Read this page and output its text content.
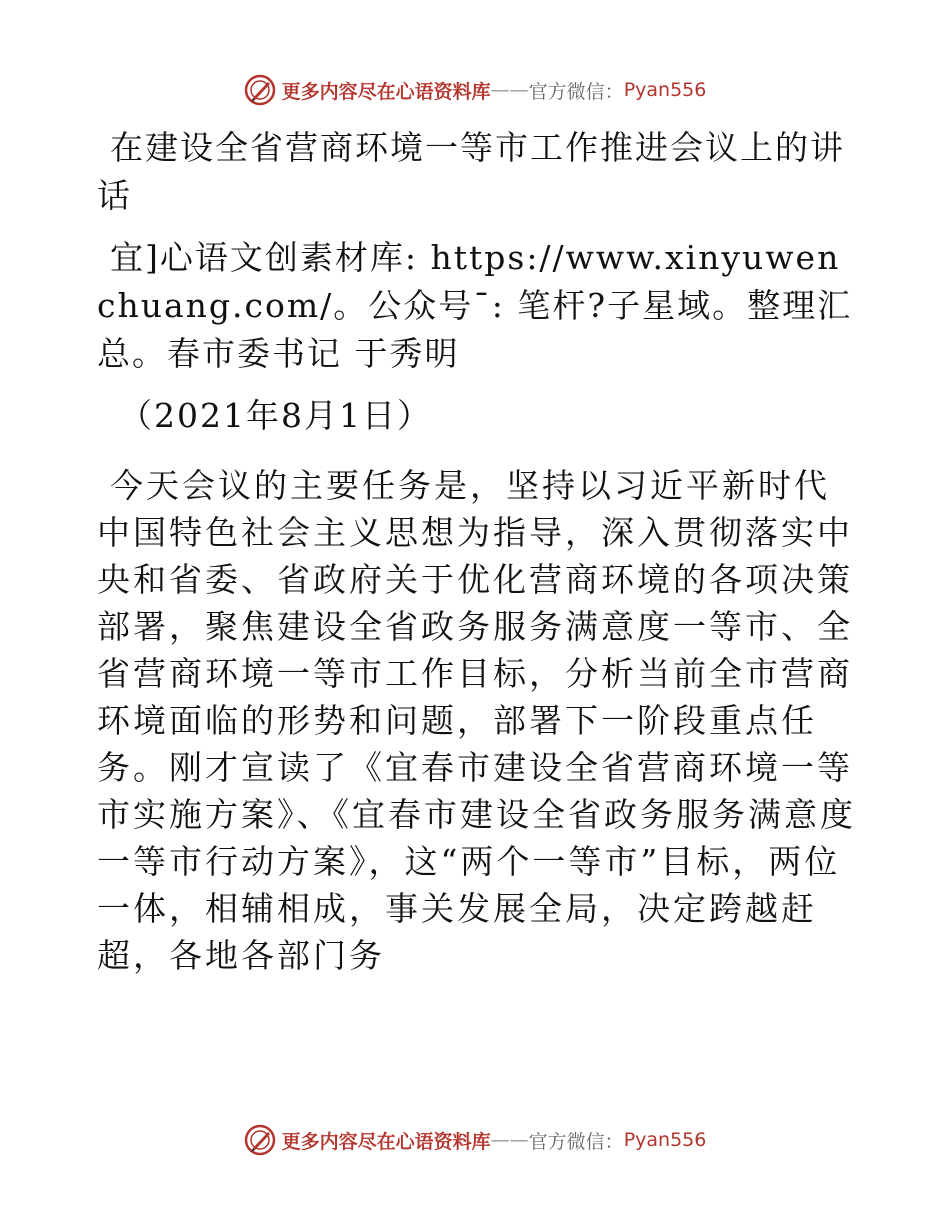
更多内容尽在心语资料库 —— 官方微信： Pyan556

在建设全省营商环境一等市工作推进会议上的讲话

宜]心语文创素材库: https://www.xinyuwenchuang.com/。公众号¯: 笔杆?子星域。整理汇总。春市委书记 于秀明

（2021年8月1日）

今天会议的主要任务是，坚持以习近平新时代中国特色社会主义思想为指导，深入贯彻落实中央和省委、省政府关于优化营商环境的各项决策部署，聚焦建设全省政务服务满意度一等市、全省营商环境一等市工作目标，分析当前全市营商环境面临的形势和问题，部署下一阶段重点任务。刚才宣读了《宜春市建设全省营商环境一等市实施方案》、《宜春市建设全省政务服务满意度一等市行动方案》，这“两个一等市”目标，两位一体，相辅相成，事关发展全局，决定跨越赶超，各地各部门务

更多内容尽在心语资料库 —— 官方微信： Pyan556
